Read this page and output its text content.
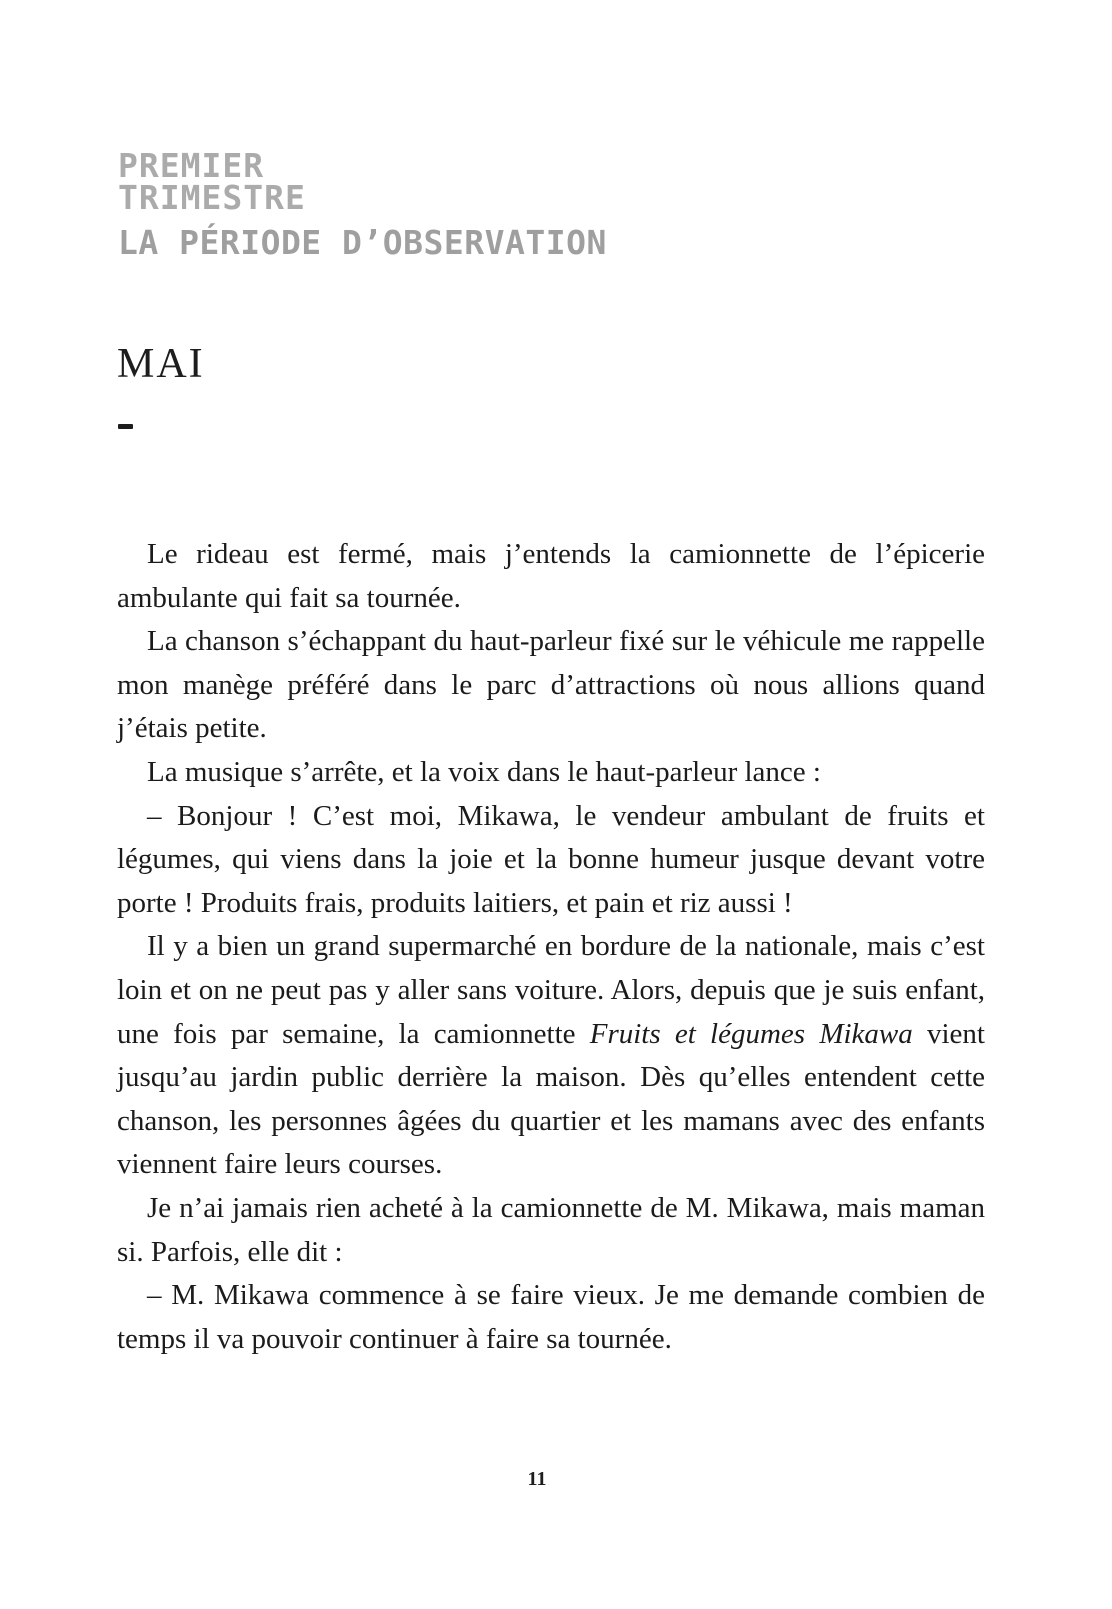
PREMIER
TRIMESTRE
LA PÉRIODE D’OBSERVATION
MAI

Le rideau est fermé, mais j’entends la camionnette de l’épicerie ambulante qui fait sa tournée.

La chanson s’échappant du haut-parleur fixé sur le véhicule me rappelle mon manège préféré dans le parc d’attractions où nous allions quand j’étais petite.

La musique s’arrête, et la voix dans le haut-parleur lance :

– Bonjour ! C’est moi, Mikawa, le vendeur ambulant de fruits et légumes, qui viens dans la joie et la bonne humeur jusque devant votre porte ! Produits frais, produits laitiers, et pain et riz aussi !

Il y a bien un grand supermarché en bordure de la nationale, mais c’est loin et on ne peut pas y aller sans voiture. Alors, depuis que je suis enfant, une fois par semaine, la camionnette Fruits et légumes Mikawa vient jusqu’au jardin public derrière la maison. Dès qu’elles entendent cette chanson, les personnes âgées du quartier et les mamans avec des enfants viennent faire leurs courses.

Je n’ai jamais rien acheté à la camionnette de M. Mikawa, mais maman si. Parfois, elle dit :

– M. Mikawa commence à se faire vieux. Je me demande combien de temps il va pouvoir continuer à faire sa tournée.

11
